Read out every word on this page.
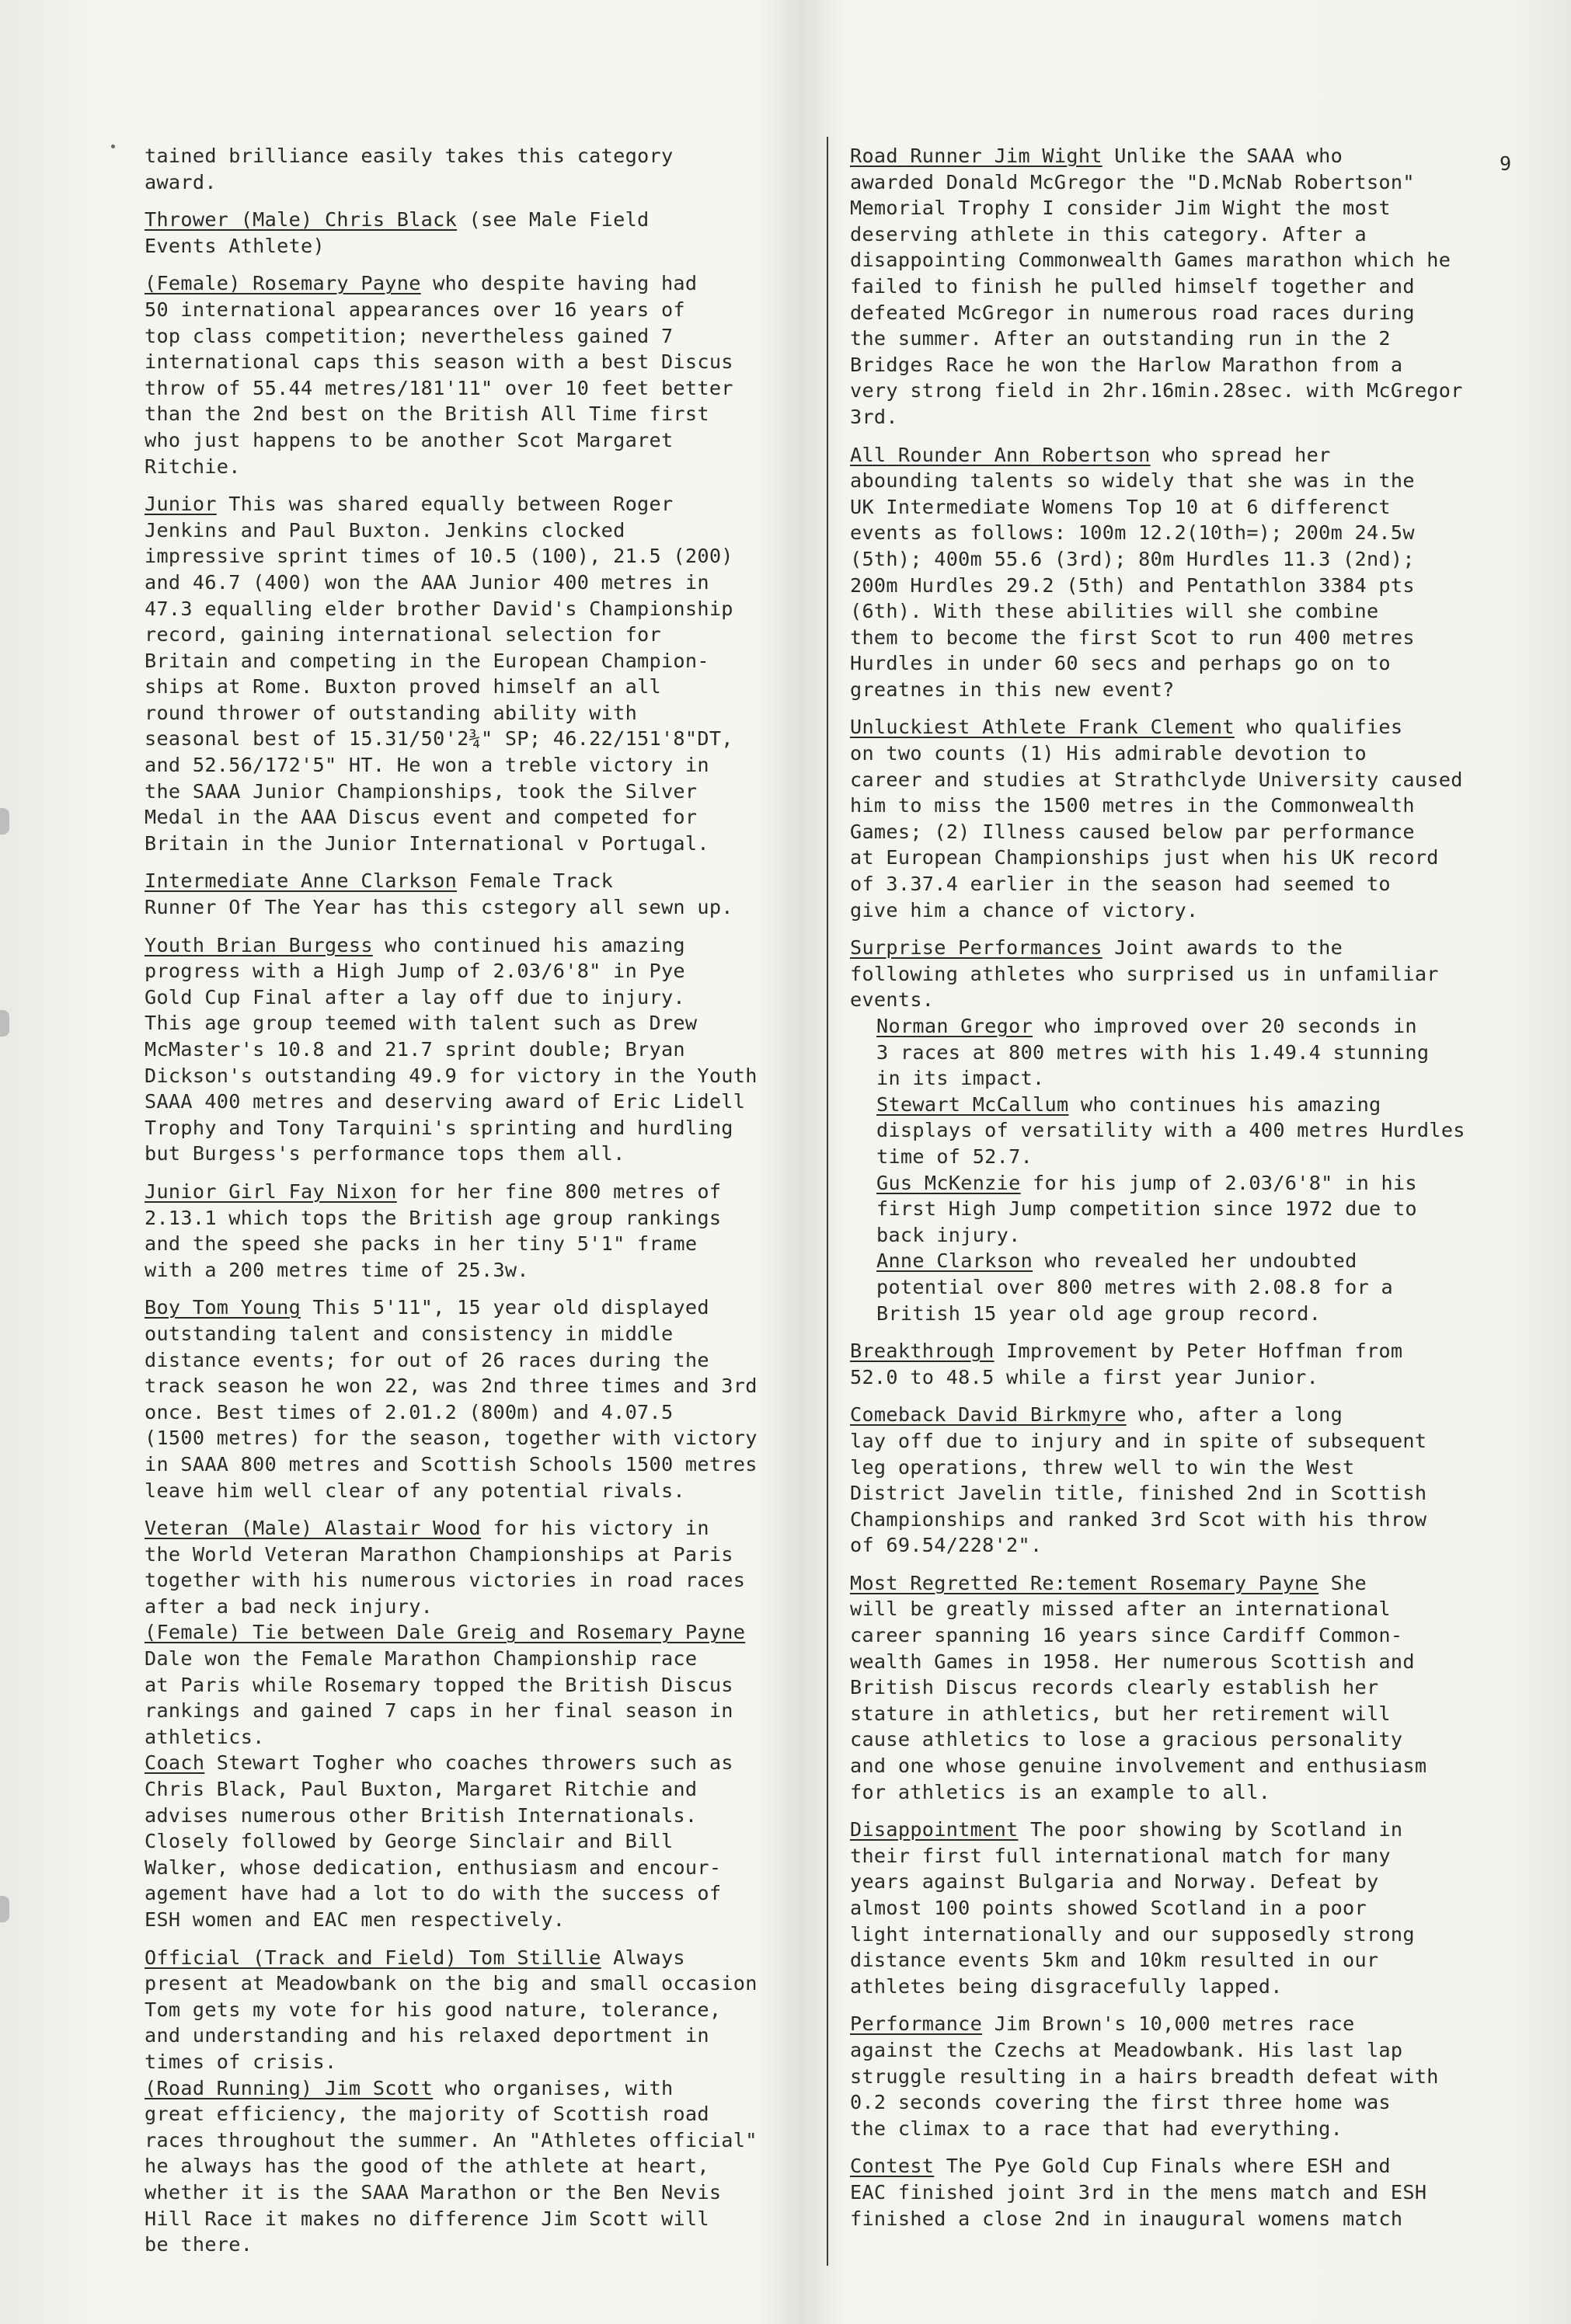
9

tained brilliance easily takes this category
award.

Thrower (Male) Chris Black (see Male Field
Events Athlete)

(Female) Rosemary Payne who despite having had
50 international appearances over 16 years of
top class competition; nevertheless gained 7
international caps this season with a best Discus
throw of 55.44 metres/181'11" over 10 feet better
than the 2nd best on the British All Time first
who just happens to be another Scot Margaret
Ritchie.

Junior This was shared equally between Roger
Jenkins and Paul Buxton. Jenkins clocked
impressive sprint times of 10.5 (100), 21.5 (200)
and 46.7 (400) won the AAA Junior 400 metres in
47.3 equalling elder brother David's Championship
record, gaining international selection for
Britain and competing in the European Champion-
ships at Rome. Buxton proved himself an all
round thrower of outstanding ability with
seasonal best of 15.31/50'2¾" SP; 46.22/151'8"DT,
and 52.56/172'5" HT. He won a treble victory in
the SAAA Junior Championships, took the Silver
Medal in the AAA Discus event and competed for
Britain in the Junior International v Portugal.

Intermediate Anne Clarkson Female Track
Runner Of The Year has this cstegory all sewn up.

Youth Brian Burgess who continued his amazing
progress with a High Jump of 2.03/6'8" in Pye
Gold Cup Final after a lay off due to injury.
This age group teemed with talent such as Drew
McMaster's 10.8 and 21.7 sprint double; Bryan
Dickson's outstanding 49.9 for victory in the Youth
SAAA 400 metres and deserving award of Eric Lidell
Trophy and Tony Tarquini's sprinting and hurdling
but Burgess's performance tops them all.

Junior Girl Fay Nixon for her fine 800 metres of
2.13.1 which tops the British age group rankings
and the speed she packs in her tiny 5'1" frame
with a 200 metres time of 25.3w.

Boy Tom Young This 5'11", 15 year old displayed
outstanding talent and consistency in middle
distance events; for out of 26 races during the
track season he won 22, was 2nd three times and 3rd
once. Best times of 2.01.2 (800m) and 4.07.5
(1500 metres) for the season, together with victory
in SAAA 800 metres and Scottish Schools 1500 metres
leave him well clear of any potential rivals.

Veteran (Male) Alastair Wood for his victory in
the World Veteran Marathon Championships at Paris
together with his numerous victories in road races
after a bad neck injury.

(Female) Tie between Dale Greig and Rosemary Payne
Dale won the Female Marathon Championship race
at Paris while Rosemary topped the British Discus
rankings and gained 7 caps in her final season in
athletics.

Coach Stewart Togher who coaches throwers such as
Chris Black, Paul Buxton, Margaret Ritchie and
advises numerous other British Internationals.
Closely followed by George Sinclair and Bill
Walker, whose dedication, enthusiasm and encour-
agement have had a lot to do with the success of
ESH women and EAC men respectively.

Official (Track and Field) Tom Stillie Always
present at Meadowbank on the big and small occasion
Tom gets my vote for his good nature, tolerance,
and understanding and his relaxed deportment in
times of crisis.

(Road Running) Jim Scott who organises, with
great efficiency, the majority of Scottish road
races throughout the summer. An "Athletes official"
he always has the good of the athlete at heart,
whether it is the SAAA Marathon or the Ben Nevis
Hill Race it makes no difference Jim Scott will
be there.

Road Runner Jim Wight Unlike the SAAA who
awarded Donald McGregor the "D.McNab Robertson"
Memorial Trophy I consider Jim Wight the most
deserving athlete in this category. After a
disappointing Commonwealth Games marathon which he
failed to finish he pulled himself together and
defeated McGregor in numerous road races during
the summer. After an outstanding run in the 2
Bridges Race he won the Harlow Marathon from a
very strong field in 2hr.16min.28sec. with McGregor
3rd.

All Rounder Ann Robertson who spread her
abounding talents so widely that she was in the
UK Intermediate Womens Top 10 at 6 differenct
events as follows: 100m 12.2(10th=); 200m 24.5w
(5th); 400m 55.6 (3rd); 80m Hurdles 11.3 (2nd);
200m Hurdles 29.2 (5th) and Pentathlon 3384 pts
(6th). With these abilities will she combine
them to become the first Scot to run 400 metres
Hurdles in under 60 secs and perhaps go on to
greatnes in this new event?

Unluckiest Athlete Frank Clement who qualifies
on two counts (1) His admirable devotion to
career and studies at Strathclyde University caused
him to miss the 1500 metres in the Commonwealth
Games; (2) Illness caused below par performance
at European Championships just when his UK record
of 3.37.4 earlier in the season had seemed to
give him a chance of victory.

Surprise Performances Joint awards to the
following athletes who surprised us in unfamiliar
events.

Norman Gregor who improved over 20 seconds in
3 races at 800 metres with his 1.49.4 stunning
in its impact.

Stewart McCallum who continues his amazing
displays of versatility with a 400 metres Hurdles
time of 52.7.

Gus McKenzie for his jump of 2.03/6'8" in his
first High Jump competition since 1972 due to
back injury.

Anne Clarkson who revealed her undoubted
potential over 800 metres with 2.08.8 for a
British 15 year old age group record.

Breakthrough Improvement by Peter Hoffman from
52.0 to 48.5 while a first year Junior.

Comeback David Birkmyre who, after a long
lay off due to injury and in spite of subsequent
leg operations, threw well to win the West
District Javelin title, finished 2nd in Scottish
Championships and ranked 3rd Scot with his throw
of 69.54/228'2".

Most Regretted Re:tement Rosemary Payne She
will be greatly missed after an international
career spanning 16 years since Cardiff Common-
wealth Games in 1958. Her numerous Scottish and
British Discus records clearly establish her
stature in athletics, but her retirement will
cause athletics to lose a gracious personality
and one whose genuine involvement and enthusiasm
for athletics is an example to all.

Disappointment The poor showing by Scotland in
their first full international match for many
years against Bulgaria and Norway. Defeat by
almost 100 points showed Scotland in a poor
light internationally and our supposedly strong
distance events 5km and 10km resulted in our
athletes being disgracefully lapped.

Performance Jim Brown's 10,000 metres race
against the Czechs at Meadowbank. His last lap
struggle resulting in a hairs breadth defeat with
0.2 seconds covering the first three home was
the climax to a race that had everything.

Contest The Pye Gold Cup Finals where ESH and
EAC finished joint 3rd in the mens match and ESH
finished a close 2nd in inaugural womens match
